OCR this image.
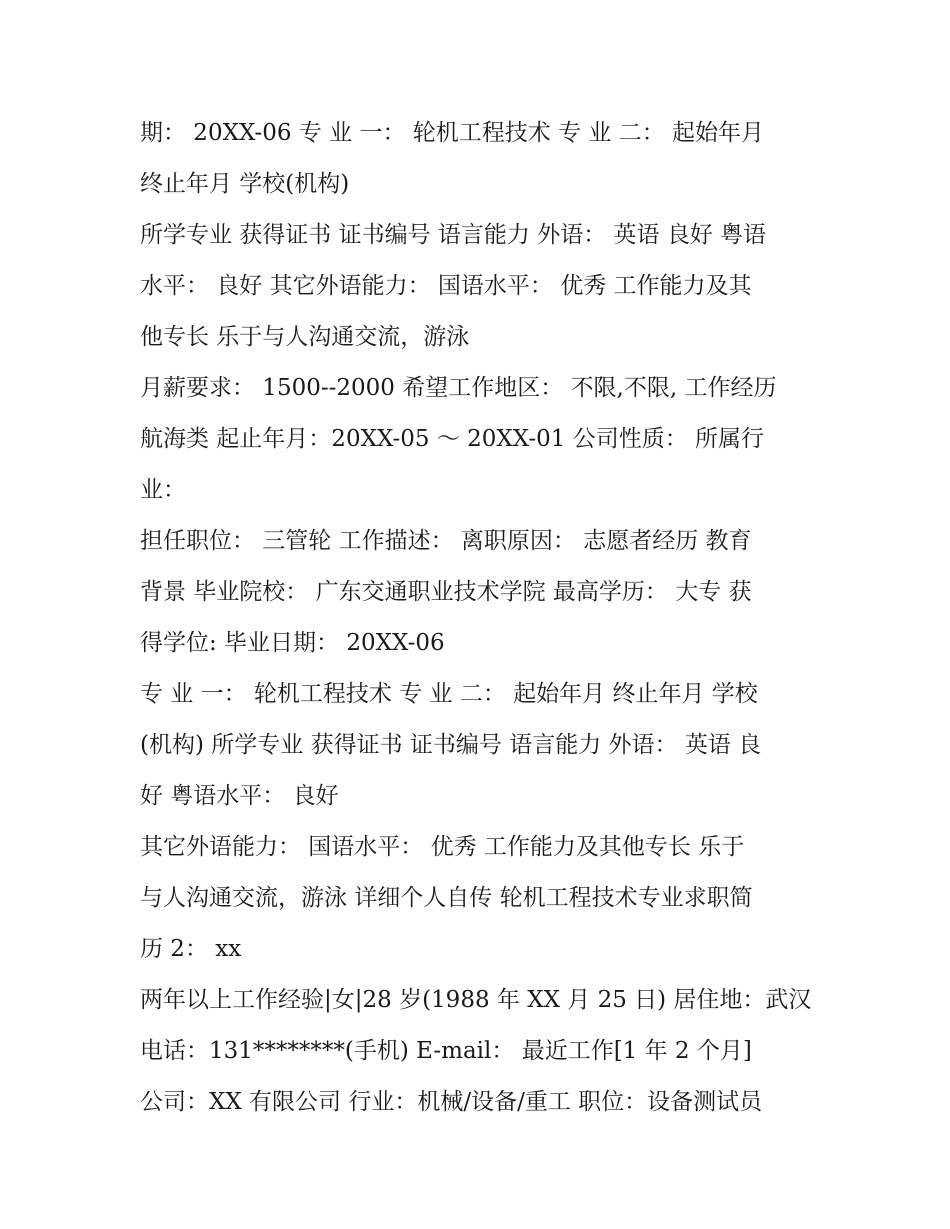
期： 20XX-06 专 业 一： 轮机工程技术 专 业 二： 起始年月
终止年月 学校(机构)
所学专业 获得证书 证书编号 语言能力 外语： 英语 良好 粤语
水平： 良好 其它外语能力： 国语水平： 优秀 工作能力及其
他专长 乐于与人沟通交流，游泳
月薪要求： 1500--2000 希望工作地区： 不限,不限, 工作经历
航海类 起止年月：20XX-05 ～ 20XX-01 公司性质： 所属行
业：
担任职位： 三管轮 工作描述： 离职原因： 志愿者经历 教育
背景 毕业院校： 广东交通职业技术学院 最高学历： 大专 获
得学位: 毕业日期： 20XX-06
专 业 一： 轮机工程技术 专 业 二： 起始年月 终止年月 学校
(机构) 所学专业 获得证书 证书编号 语言能力 外语： 英语 良
好 粤语水平： 良好
其它外语能力： 国语水平： 优秀 工作能力及其他专长 乐于
与人沟通交流，游泳 详细个人自传 轮机工程技术专业求职简
历 2： xx
两年以上工作经验|女|28 岁(1988 年 XX 月 25 日) 居住地：武汉
电话：131********(手机) E-mail： 最近工作[1 年 2 个月]
公司：XX 有限公司 行业：机械/设备/重工 职位：设备测试员
